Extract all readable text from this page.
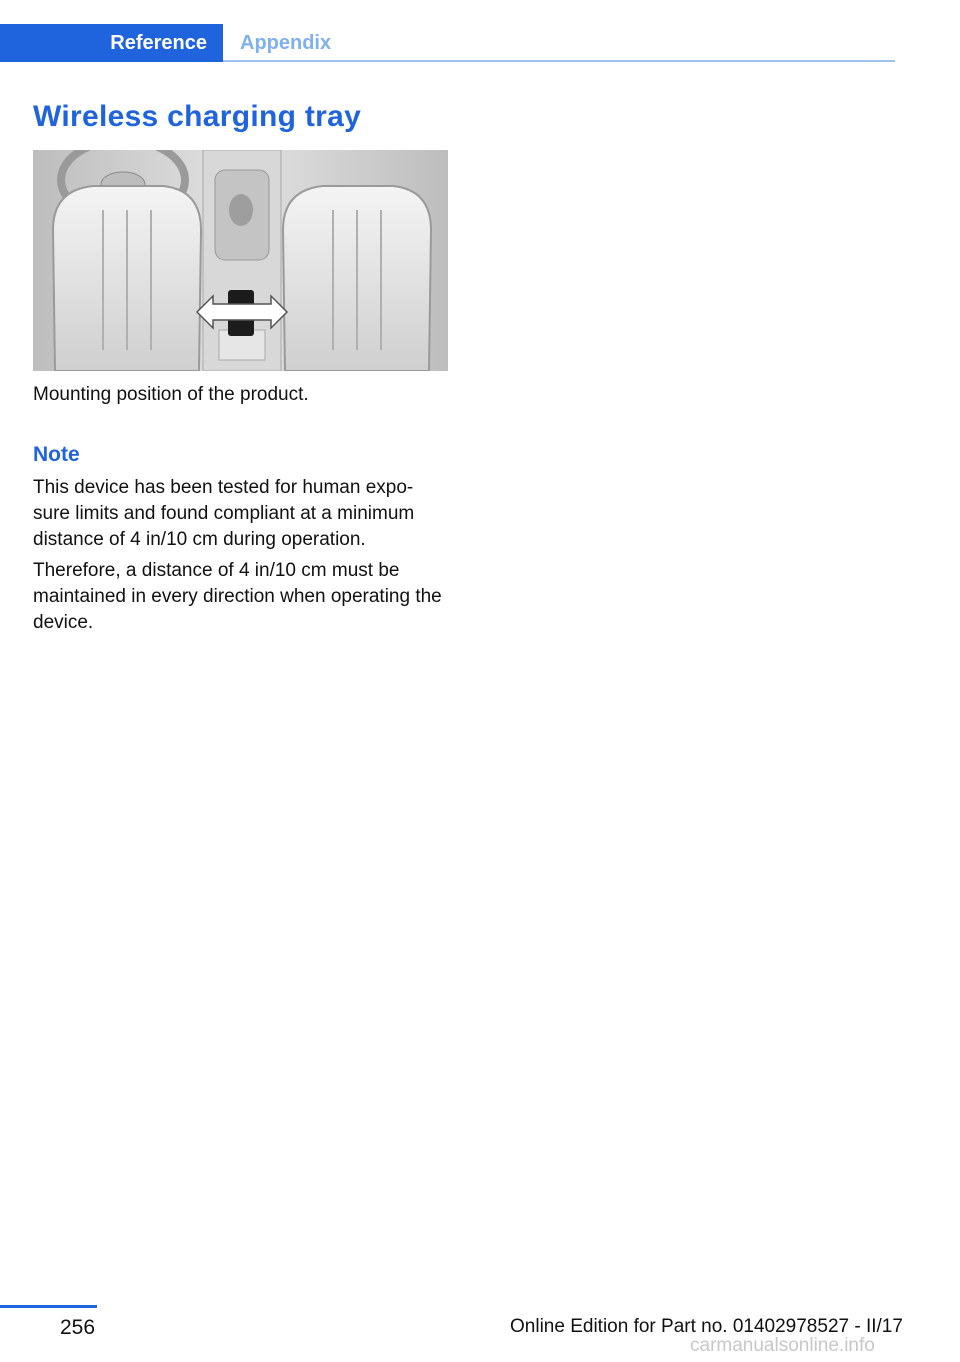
Reference	Appendix
Wireless charging tray

Mounting position of the product.

Note

This device has been tested for human expo- sure limits and found compliant at a minimum distance of 4 in/10 cm during operation.

Therefore, a distance of 4 in/10 cm must be maintained in every direction when operating the device.

256	Online Edition for Part no. 01402978527 - II/17
carmanualsonline.info
